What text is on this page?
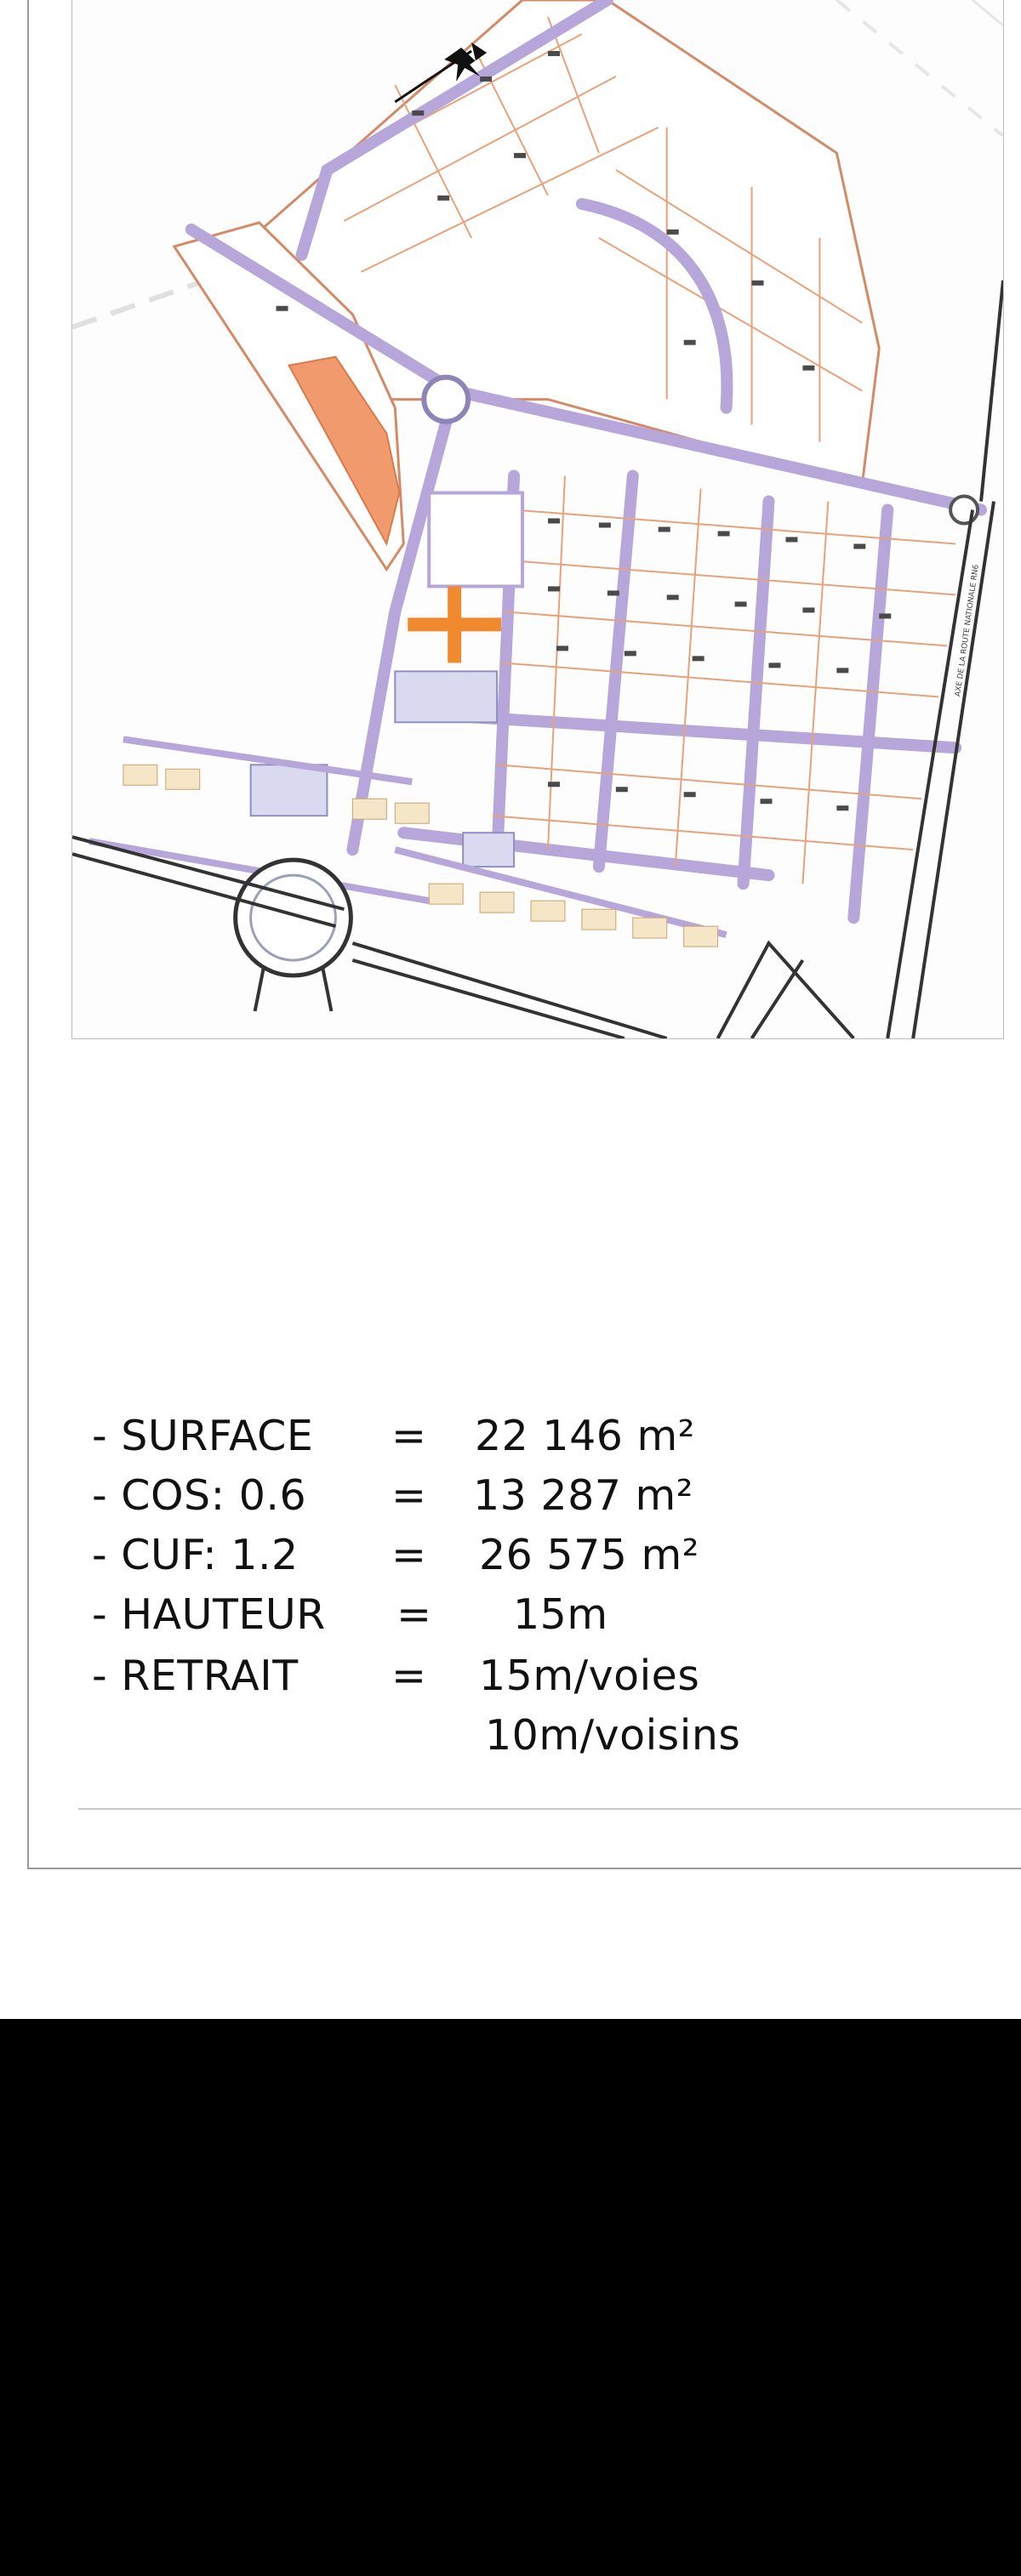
AXE DE LA ROUTE NATIONALE RN6
- SURFACE = 22 146 m²
- COS: 0.6 = 13 287 m²
- CUF: 1.2 = 26 575 m²
- HAUTEUR = 15m
- RETRAIT = 15m/voies
10m/voisins
